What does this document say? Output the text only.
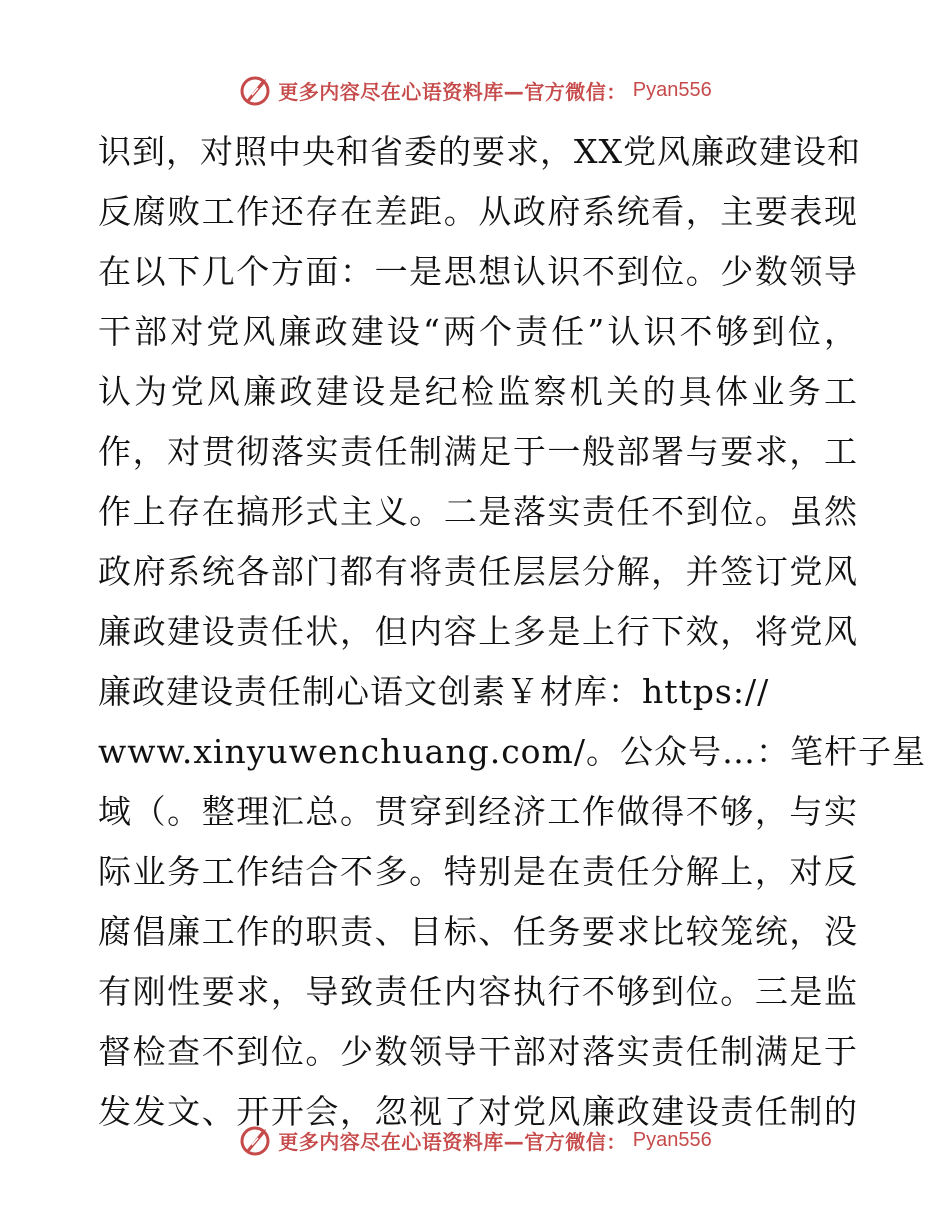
更多内容尽在心语资料库—官方微信： Pyan556
识到，对照中央和省委的要求，XX党风廉政建设和
反腐败工作还存在差距。从政府系统看，主要表现
在以下几个方面：一是思想认识不到位。少数领导
干部对党风廉政建设“两个责任”认识不够到位，
认为党风廉政建设是纪检监察机关的具体业务工
作，对贯彻落实责任制满足于一般部署与要求，工
作上存在搞形式主义。二是落实责任不到位。虽然
政府系统各部门都有将责任层层分解，并签订党风
廉政建设责任状，但内容上多是上行下效，将党风
廉政建设责任制心语文创素￥材库：https://
www.xinyuwenchuang.com/。公众号…：笔杆子星
域（。整理汇总。贯穿到经济工作做得不够，与实
际业务工作结合不多。特别是在责任分解上，对反
腐倡廉工作的职责、目标、任务要求比较笼统，没
有刚性要求，导致责任内容执行不够到位。三是监
督检查不到位。少数领导干部对落实责任制满足于
发发文、开开会，忽视了对党风廉政建设责任制的
更多内容尽在心语资料库—官方微信： Pyan556
